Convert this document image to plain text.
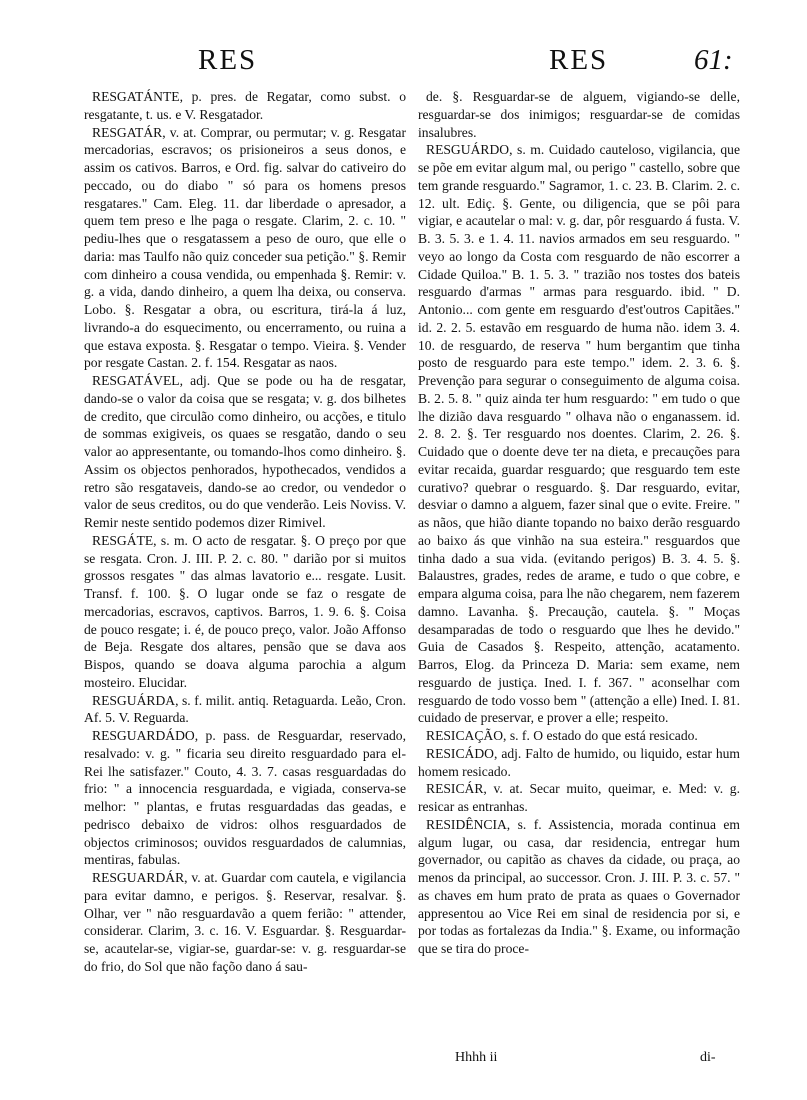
RES	RES	61:

RESGATÁNTE, p. pres. de Regatar, como subst. o resgatante, t. us. e V. Resgatador.

RESGATÁR, v. at. Comprar, ou permutar; v. g. Resgatar mercadorias, escravos; os prisioneiros a seus donos, e assim os cativos. Barros, e Ord. fig. salvar do cativeiro do peccado, ou do diabo " só para os homens presos resgatares." Cam. Eleg. 11. dar liberdade o apresador, a quem tem preso e lhe paga o resgate. Clarim, 2. c. 10. " pediu-lhes que o resgatassem a peso de ouro, que elle o daria: mas Taulfo não quiz conceder sua petição." §. Remir com dinheiro a cousa vendida, ou empenhada §. Remir: v. g. a vida, dando dinheiro, a quem lha deixa, ou conserva. Lobo. §. Resgatar a obra, ou escritura, tirá-la á luz, livrando-a do esquecimento, ou encerramento, ou ruina a que estava exposta. §. Resgatar o tempo. Vieira. §. Vender por resgate Castan. 2. f. 154. Resgatar as naos.

RESGATÁVEL, adj. Que se pode ou ha de resgatar, dando-se o valor da coisa que se resgata; v. g. dos bilhetes de credito, que circulão como dinheiro, ou acções, e titulo de sommas exigiveis, os quaes se resgatão, dando o seu valor ao appresentante, ou tomando-lhos como dinheiro. §. Assim os objectos penhorados, hypothecados, vendidos a retro são resgataveis, dando-se ao credor, ou vendedor o valor de seus creditos, ou do que venderão. Leis Noviss. V. Remir neste sentido podemos dizer Rimivel.

RESGÁTE, s. m. O acto de resgatar. §. O preço por que se resgata. Cron. J. III. P. 2. c. 80. " darião por si muitos grossos resgates " das almas lavatorio e... resgate. Lusit. Transf. f. 100. §. O lugar onde se faz o resgate de mercadorias, escravos, captivos. Barros, 1. 9. 6. §. Coisa de pouco resgate; i. é, de pouco preço, valor. João Affonso de Beja. Resgate dos altares, pensão que se dava aos Bispos, quando se doava alguma parochia a algum mosteiro. Elucidar.

RESGUÁRDA, s. f. milit. antiq. Retaguarda. Leão, Cron. Af. 5. V. Reguarda.

RESGUARDÁDO, p. pass. de Resguardar, reservado, resalvado: v. g. " ficaria seu direito resguardado para el-Rei lhe satisfazer." Couto, 4. 3. 7. casas resguardadas do frio: " a innocencia resguardada, e vigiada, conserva-se melhor: " plantas, e frutas resguardadas das geadas, e pedrisco debaixo de vidros: olhos resguardados de objectos criminosos; ouvidos resguardados de calumnias, mentiras, fabulas.

RESGUARDÁR, v. at. Guardar com cautela, e vigilancia para evitar damno, e perigos. §. Reservar, resalvar. §. Olhar, ver " não resguardavão a quem ferião: " attender, considerar. Clarim, 3. c. 16. V. Esguardar. §. Resguardar-se, acautelar-se, vigiar-se, guardar-se: v. g. resguardar-se do frio, do Sol que não façõo dano á sau-

de. §. Resguardar-se de alguem, vigiando-se delle, resguardar-se dos inimigos; resguardar-se de comidas insalubres.

RESGUÁRDO, s. m. Cuidado cauteloso, vigilancia, que se põe em evitar algum mal, ou perigo " castello, sobre que tem grande resguardo." Sagramor, 1. c. 23. B. Clarim. 2. c. 12. ult. Ediç. §. Gente, ou diligencia, que se pôi para vigiar, e acautelar o mal: v. g. dar, pôr resguardo á fusta. V. B. 3. 5. 3. e 1. 4. 11. navios armados em seu resguardo. " veyo ao longo da Costa com resguardo de não escorrer a Cidade Quiloa." B. 1. 5. 3. " trazião nos tostes dos bateis resguardo d'armas " armas para resguardo. ibid. " D. Antonio... com gente em resguardo d'est'outros Capitães." id. 2. 2. 5. estavão em resguardo de huma não. idem 3. 4. 10. de resguardo, de reserva " hum bergantim que tinha posto de resguardo para este tempo." idem. 2. 3. 6. §. Prevenção para segurar o conseguimento de alguma coisa. B. 2. 5. 8. " quiz ainda ter hum resguardo: " em tudo o que lhe dizião dava resguardo " olhava não o enganassem. id. 2. 8. 2. §. Ter resguardo nos doentes. Clarim, 2. 26. §. Cuidado que o doente deve ter na dieta, e precauções para evitar recaida, guardar resguardo; que resguardo tem este curativo? quebrar o resguardo. §. Dar resguardo, evitar, desviar o damno a alguem, fazer sinal que o evite. Freire. " as nãos, que hião diante topando no baixo derão resguardo ao baixo ás que vinhão na sua esteira." resguardos que tinha dado a sua vida. (evitando perigos) B. 3. 4. 5. §. Balaustres, grades, redes de arame, e tudo o que cobre, e empara alguma coisa, para lhe não chegarem, nem fazerem damno. Lavanha. §. Precaução, cautela. §. " Moças desamparadas de todo o resguardo que lhes he devido." Guia de Casados §. Respeito, attenção, acatamento. Barros, Elog. da Princeza D. Maria: sem exame, nem resguardo de justiça. Ined. I. f. 367. " aconselhar com resguardo de todo vosso bem " (attenção a elle) Ined. I. 81. cuidado de preservar, e prover a elle; respeito.

RESICAÇÃO, s. f. O estado do que está resicado.

RESICÁDO, adj. Falto de humido, ou liquido, estar hum homem resicado.

RESICÁR, v. at. Secar muito, queimar, e. Med: v. g. resicar as entranhas.

RESIDÊNCIA, s. f. Assistencia, morada continua em algum lugar, ou casa, dar residencia, entregar hum governador, ou capitão as chaves da cidade, ou praça, ao menos da principal, ao successor. Cron. J. III. P. 3. c. 57. " as chaves em hum prato de prata as quaes o Governador appresentou ao Vice Rei em sinal de residencia por si, e por todas as fortalezas da India." §. Exame, ou informação que se tira do proce-

Hhhh ii	di-
